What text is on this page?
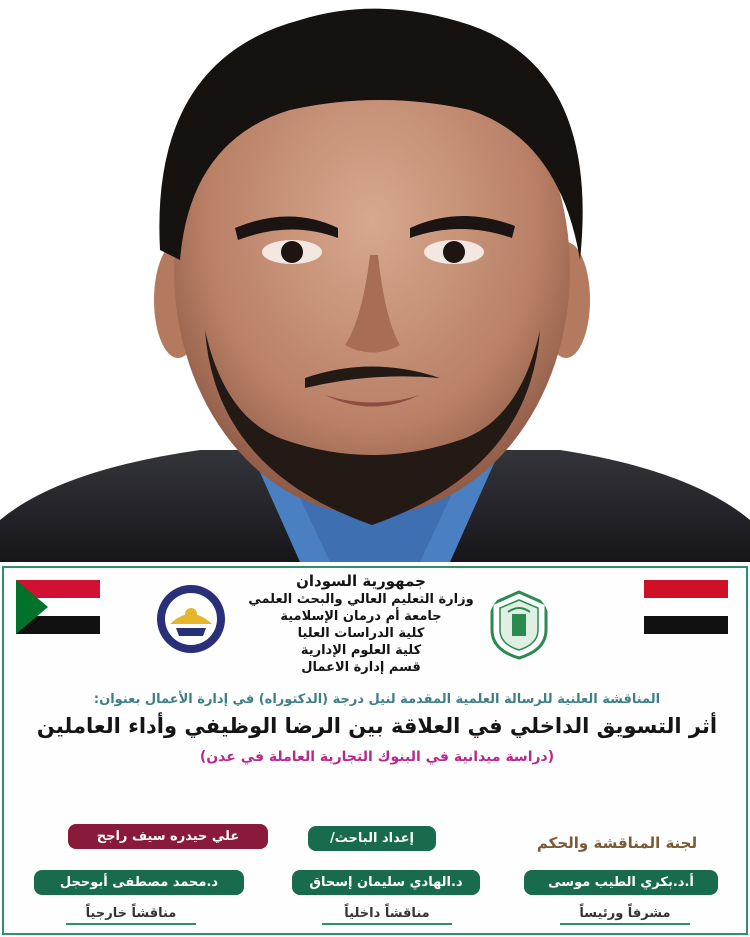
جمهورية السودان
وزارة التعليم العالي والبحث العلمي
جامعة أم درمان الإسلامية
كلية الدراسات العليا
كلية العلوم الإدارية
قسم إدارة الاعمال
المناقشة العلنية للرسالة العلمية المقدمة لنيل درجة (الدكتوراه) في إدارة الأعمال بعنوان:
أثر التسويق الداخلي في العلاقة بين الرضا الوظيفي وأداء العاملين
(دراسة ميدانية في البنوك التجارية العاملة في عدن)
علي حيدره سيف راجح	إعداد الباحث/	لجنة المناقشة والحكم
أ.د.بكري الطيب موسى
د.الهادي سليمان إسحاق
د.محمد مصطفى أبوحجل
مشرفاً ورئيساً
مناقشاً داخلياً
مناقشاً خارجياً
